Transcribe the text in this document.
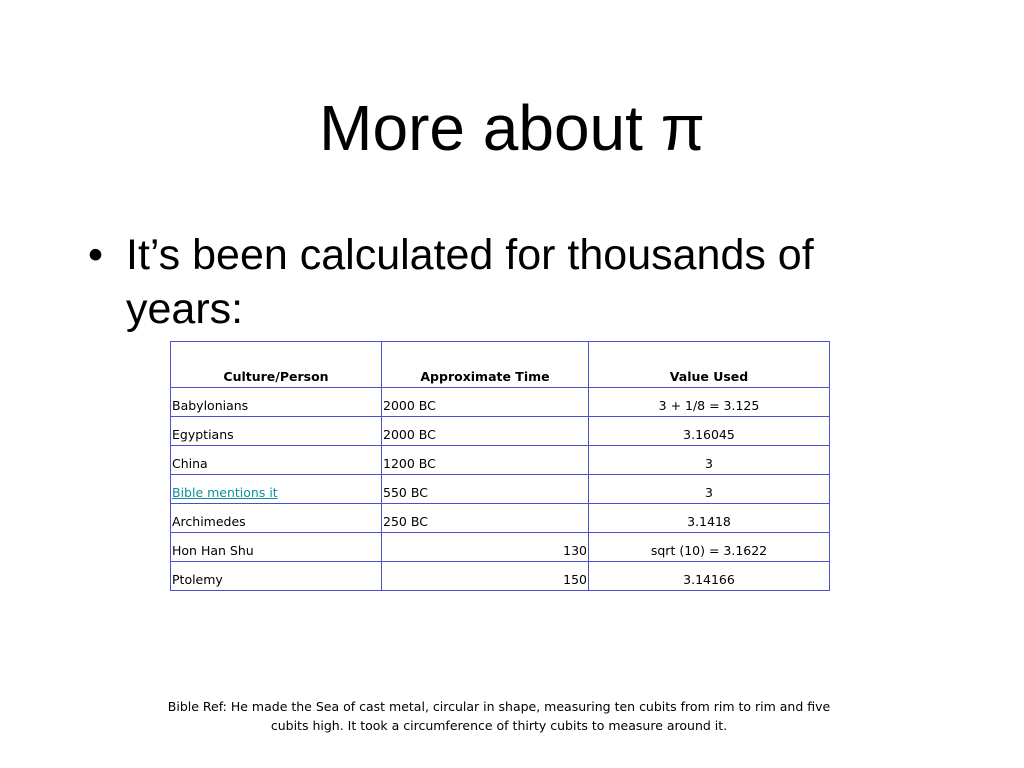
More about π
• It’s been calculated for thousands of years:
Culture/Person	Approximate Time	Value Used
Babylonians	2000 BC	3 + 1/8 = 3.125
Egyptians	2000 BC	3.16045
China	1200 BC	3
Bible mentions it	550 BC	3
Archimedes	250 BC	3.1418
Hon Han Shu	130	sqrt (10) = 3.1622
Ptolemy	150	3.14166
Bible Ref: He made the Sea of cast metal, circular in shape, measuring ten cubits from rim to rim and five cubits high. It took a circumference of thirty cubits to measure around it.
